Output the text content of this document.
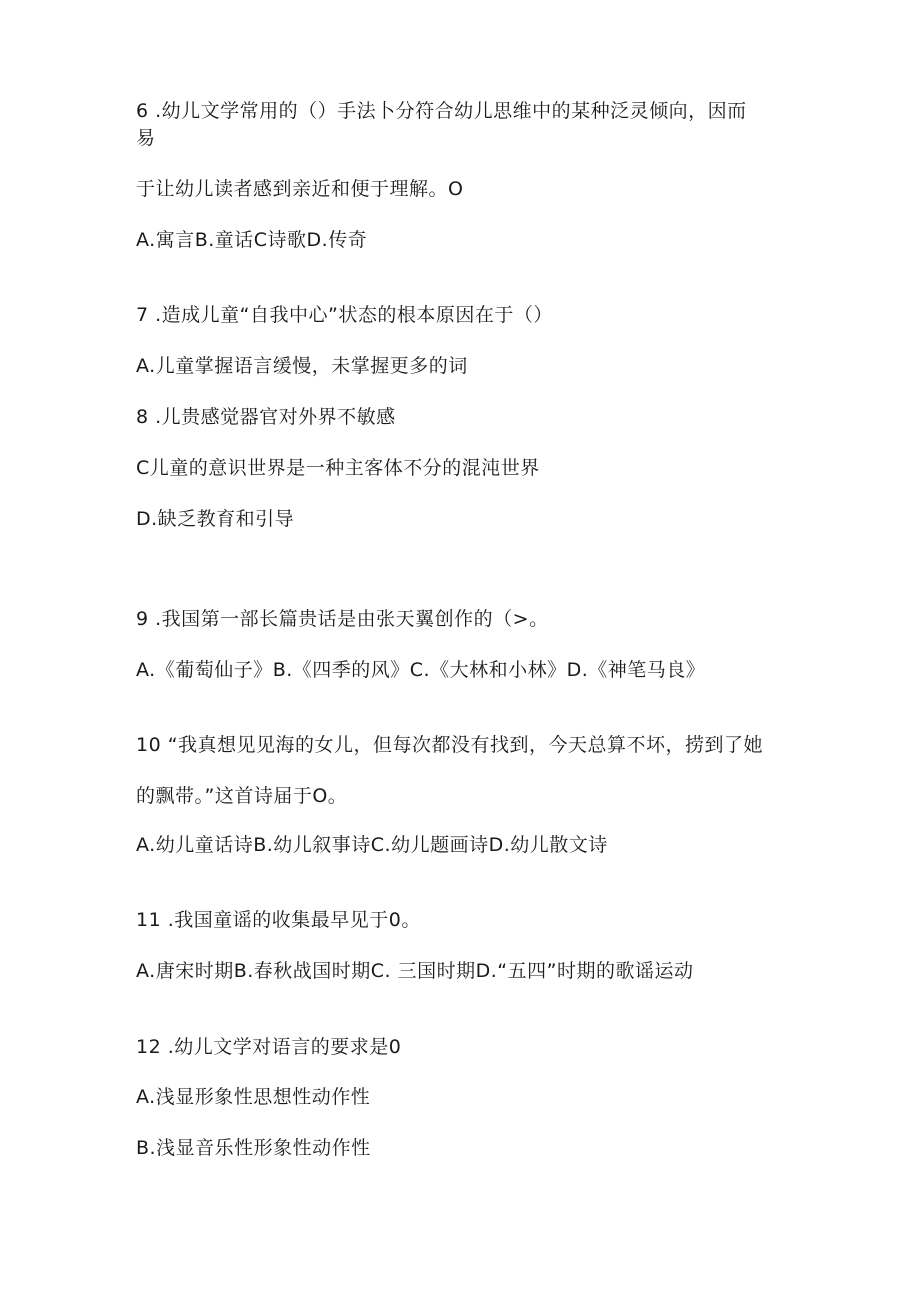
6 .幼儿文学常用的（）手法卜分符合幼儿思维中的某种泛灵倾向，因而
易
于让幼儿读者感到亲近和便于理解。O
A.寓言B.童话C诗歌D.传奇
7 .造成儿童“自我中心”状态的根本原因在于（）
A.儿童掌握语言缓慢，未掌握更多的词
8 .儿贵感觉器官对外界不敏感
C儿童的意识世界是一种主客体不分的混沌世界
D.缺乏教育和引导
9 .我国第一部长篇贵话是由张天翼创作的（>。
A.《葡萄仙子》B.《四季的风》C.《大林和小林》D.《神笔马良》
10 “我真想见见海的女儿，但每次都没有找到，今天总算不坏，捞到了她
的飘带。”这首诗届于O。
A.幼儿童话诗B.幼儿叙事诗C.幼儿题画诗D.幼儿散文诗
11 .我国童谣的收集最早见于0。
A.唐宋时期B.春秋战国时期C. 三国时期D.“五四”时期的歌谣运动
12 .幼儿文学对语言的要求是0
A.浅显形象性思想性动作性
B.浅显音乐性形象性动作性
